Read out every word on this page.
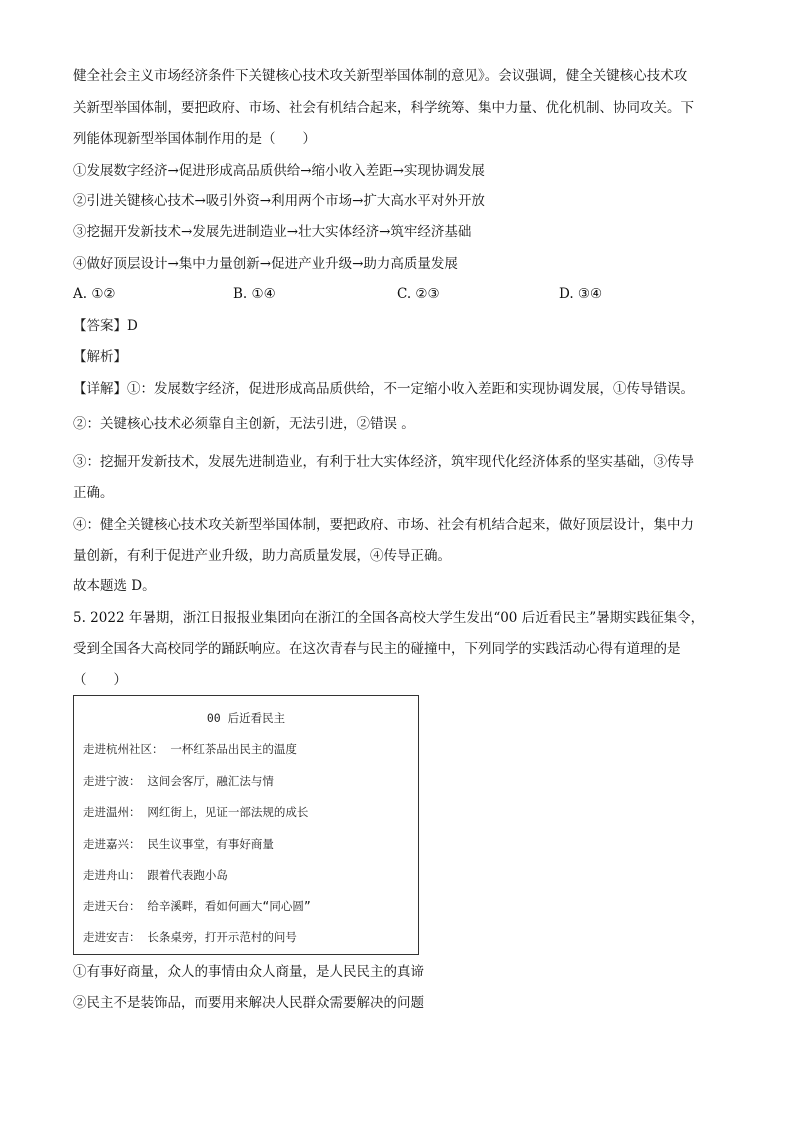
健全社会主义市场经济条件下关键核心技术攻关新型举国体制的意见》。会议强调，健全关键核心技术攻
关新型举国体制，要把政府、市场、社会有机结合起来，科学统筹、集中力量、优化机制、协同攻关。下
列能体现新型举国体制作用的是（　　）
①发展数字经济→促进形成高品质供给→缩小收入差距→实现协调发展
②引进关键核心技术→吸引外资→利用两个市场→扩大高水平对外开放
③挖掘开发新技术→发展先进制造业→壮大实体经济→筑牢经济基础
④做好顶层设计→集中力量创新→促进产业升级→助力高质量发展
A. ①②	B. ①④	C. ②③	D. ③④
【答案】D
【解析】
【详解】①：发展数字经济，促进形成高品质供给，不一定缩小收入差距和实现协调发展，①传导错误。
②：关键核心技术必须靠自主创新，无法引进，②错误 。
③：挖掘开发新技术，发展先进制造业，有利于壮大实体经济，筑牢现代化经济体系的坚实基础，③传导
正确。
④：健全关键核心技术攻关新型举国体制，要把政府、市场、社会有机结合起来，做好顶层设计，集中力
量创新，有利于促进产业升级，助力高质量发展，④传导正确。
故本题选 D。
5. 2022 年暑期，浙江日报报业集团向在浙江的全国各高校大学生发出“00 后近看民主”暑期实践征集令，
受到全国各大高校同学的踊跃响应。在这次青春与民主的碰撞中，下列同学的实践活动心得有道理的是
（　　）
00 后近看民主
走进杭州社区： 一杯红茶品出民主的温度
走进宁波： 这间会客厅，融汇法与情
走进温州： 网红街上，见证一部法规的成长
走进嘉兴： 民生议事堂，有事好商量
走进舟山： 跟着代表跑小岛
走进天台： 给辛溪畔，看如何画大“同心圆”
走进安吉： 长条桌旁，打开示范村的问号
①有事好商量，众人的事情由众人商量，是人民民主的真谛
②民主不是装饰品，而要用来解决人民群众需要解决的问题
